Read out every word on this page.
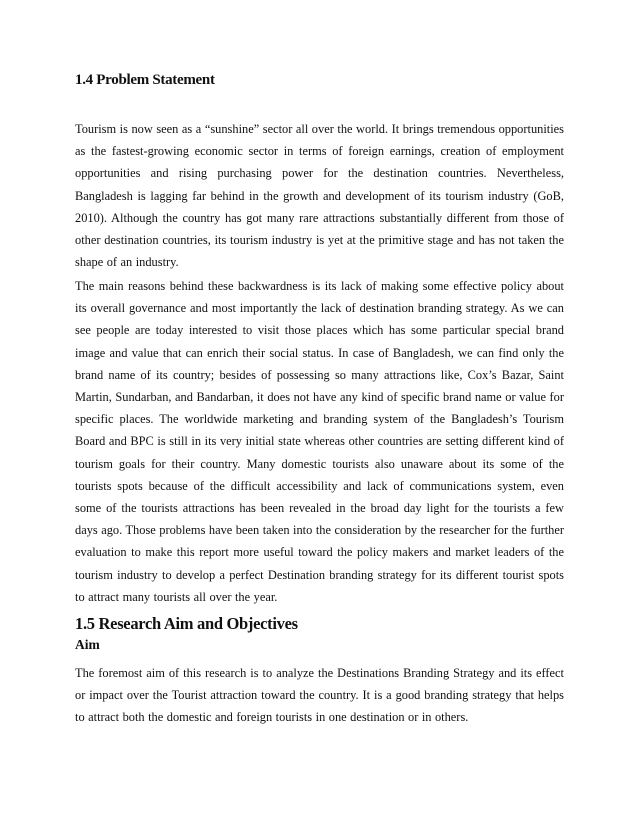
1.4 Problem Statement

Tourism is now seen as a “sunshine” sector all over the world. It brings tremendous opportunities as the fastest-growing economic sector in terms of foreign earnings, creation of employment opportunities and rising purchasing power for the destination countries. Nevertheless, Bangladesh is lagging far behind in the growth and development of its tourism industry (GoB, 2010). Although the country has got many rare attractions substantially different from those of other destination countries, its tourism industry is yet at the primitive stage and has not taken the shape of an industry.

The main reasons behind these backwardness is its lack of making some effective policy about its overall governance and most importantly the lack of destination branding strategy. As we can see people are today interested to visit those places which has some particular special brand image and value that can enrich their social status. In case of Bangladesh, we can find only the brand name of its country; besides of possessing so many attractions like, Cox’s Bazar, Saint Martin, Sundarban, and Bandarban, it does not have any kind of specific brand name or value for specific places. The worldwide marketing and branding system of the Bangladesh’s Tourism Board and BPC is still in its very initial state whereas other countries are setting different kind of tourism goals for their country. Many domestic tourists also unaware about its some of the tourists spots because of the difficult accessibility and lack of communications system, even some of the tourists attractions has been revealed in the broad day light for the tourists a few days ago. Those problems have been taken into the consideration by the researcher for the further evaluation to make this report more useful toward the policy makers and market leaders of the tourism industry to develop a perfect Destination branding strategy for its different tourist spots to attract many tourists all over the year.

1.5 Research Aim and Objectives
Aim

The foremost aim of this research is to analyze the Destinations Branding Strategy and its effect or impact over the Tourist attraction toward the country. It is a good branding strategy that helps to attract both the domestic and foreign tourists in one destination or in others.
